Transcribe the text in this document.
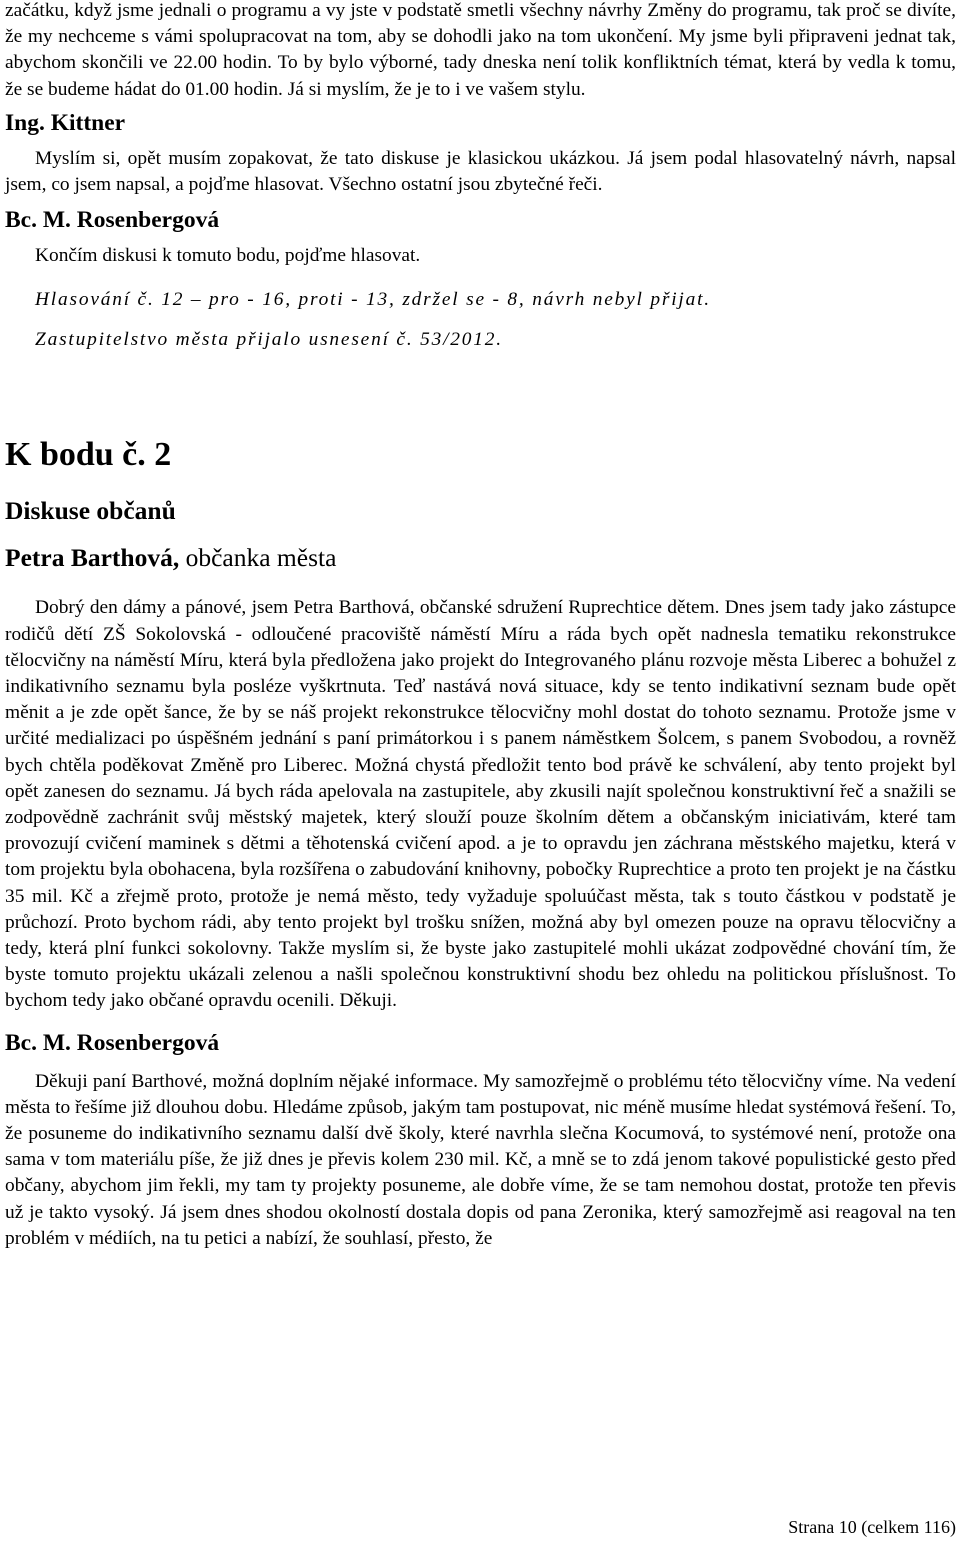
začátku, když jsme jednali o programu a vy jste v podstatě smetli všechny návrhy Změny do programu, tak proč se divíte, že my nechceme s vámi spolupracovat na tom, aby se dohodli jako na tom ukončení. My jsme byli připraveni jednat tak, abychom skončili ve 22.00 hodin. To by bylo výborné, tady dneska není tolik konfliktních témat, která by vedla k tomu, že se budeme hádat do 01.00 hodin. Já si myslím, že je to i ve vašem stylu.

Ing. Kittner

Myslím si, opět musím zopakovat, že tato diskuse je klasickou ukázkou. Já jsem podal hlasovatelný návrh, napsal jsem, co jsem napsal, a pojďme hlasovat. Všechno ostatní jsou zbytečné řeči.

Bc. M. Rosenbergová

Končím diskusi k tomuto bodu, pojďme hlasovat.

Hlasování č. 12 – pro - 16, proti - 13, zdržel se - 8, návrh nebyl přijat.

Zastupitelstvo města přijalo usnesení č. 53/2012.

K bodu č. 2

Diskuse občanů

Petra Barthová, občanka města

Dobrý den dámy a pánové, jsem Petra Barthová, občanské sdružení Ruprechtice dětem. Dnes jsem tady jako zástupce rodičů dětí ZŠ Sokolovská - odloučené pracoviště náměstí Míru a ráda bych opět nadnesla tematiku rekonstrukce tělocvičny na náměstí Míru, která byla předložena jako projekt do Integrovaného plánu rozvoje města Liberec a bohužel z indikativního seznamu byla posléze vyškrtnuta. Teď nastává nová situace, kdy se tento indikativní seznam bude opět měnit a je zde opět šance, že by se náš projekt rekonstrukce tělocvičny mohl dostat do tohoto seznamu. Protože jsme v určité medializaci po úspěšném jednání s paní primátorkou i s panem náměstkem Šolcem, s panem Svobodou, a rovněž bych chtěla poděkovat Změně pro Liberec. Možná chystá předložit tento bod právě ke schválení, aby tento projekt byl opět zanesen do seznamu. Já bych ráda apelovala na zastupitele, aby zkusili najít společnou konstruktivní řeč a snažili se zodpovědně zachránit svůj městský majetek, který slouží pouze školním dětem a občanským iniciativám, které tam provozují cvičení maminek s dětmi a těhotenská cvičení apod. a je to opravdu jen záchrana městského majetku, která v tom projektu byla obohacena, byla rozšířena o zabudování knihovny, pobočky Ruprechtice a proto ten projekt je na částku 35 mil. Kč a zřejmě proto, protože je nemá město, tedy vyžaduje spoluúčast města, tak s touto částkou v podstatě je průchozí. Proto bychom rádi, aby tento projekt byl trošku snížen, možná aby byl omezen pouze na opravu tělocvičny a tedy, která plní funkci sokolovny. Takže myslím si, že byste jako zastupitelé mohli ukázat zodpovědné chování tím, že byste tomuto projektu ukázali zelenou a našli společnou konstruktivní shodu bez ohledu na politickou příslušnost. To bychom tedy jako občané opravdu ocenili. Děkuji.

Bc. M. Rosenbergová

Děkuji paní Barthové, možná doplním nějaké informace. My samozřejmě o problému této tělocvičny víme. Na vedení města to řešíme již dlouhou dobu. Hledáme způsob, jakým tam postupovat, nic méně musíme hledat systémová řešení. To, že posuneme do indikativního seznamu další dvě školy, které navrhla slečna Kocumová, to systémové není, protože ona sama v tom materiálu píše, že již dnes je převis kolem 230 mil. Kč, a mně se to zdá jenom takové populistické gesto před občany, abychom jim řekli, my tam ty projekty posuneme, ale dobře víme, že se tam nemohou dostat, protože ten převis už je takto vysoký. Já jsem dnes shodou okolností dostala dopis od pana Zeronika, který samozřejmě asi reagoval na ten problém v médiích, na tu petici a nabízí, že souhlasí, přesto, že

Strana 10 (celkem 116)
